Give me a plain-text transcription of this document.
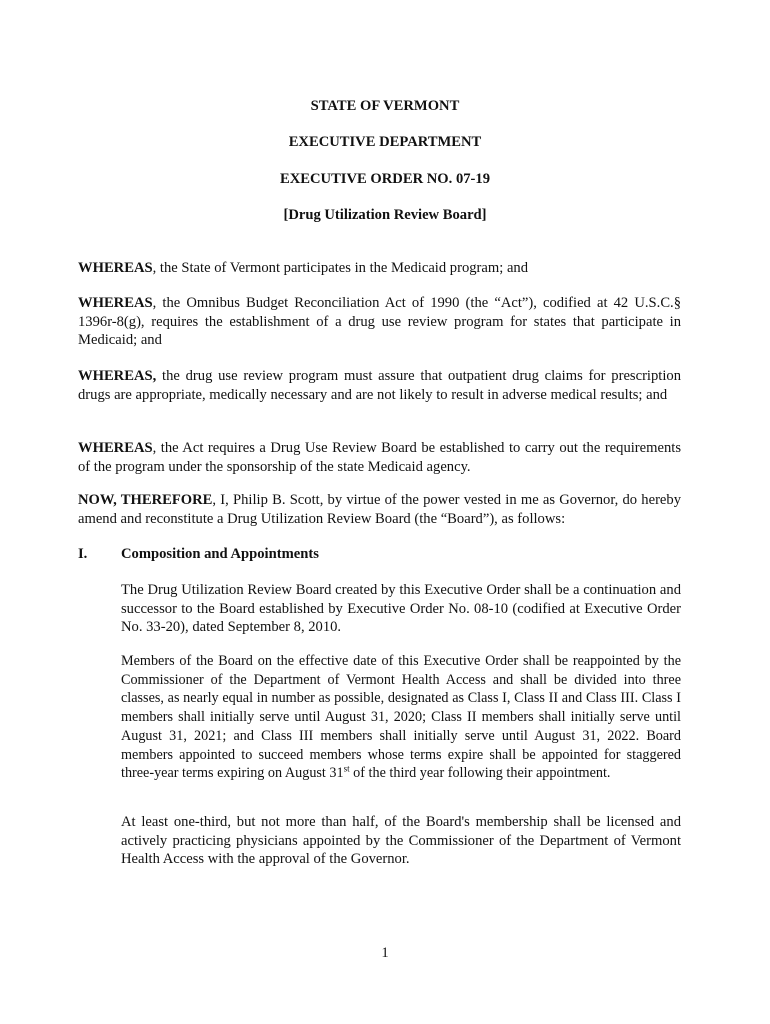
STATE OF VERMONT
EXECUTIVE DEPARTMENT
EXECUTIVE ORDER NO. 07-19
[Drug Utilization Review Board]

WHEREAS, the State of Vermont participates in the Medicaid program; and

WHEREAS, the Omnibus Budget Reconciliation Act of 1990 (the “Act”), codified at 42 U.S.C.§ 1396r-8(g), requires the establishment of a drug use review program for states that participate in Medicaid; and

WHEREAS, the drug use review program must assure that outpatient drug claims for prescription drugs are appropriate, medically necessary and are not likely to result in adverse medical results; and

WHEREAS, the Act requires a Drug Use Review Board be established to carry out the requirements of the program under the sponsorship of the state Medicaid agency.

NOW, THEREFORE, I, Philip B. Scott, by virtue of the power vested in me as Governor, do hereby amend and reconstitute a Drug Utilization Review Board (the “Board”), as follows:

I. Composition and Appointments

The Drug Utilization Review Board created by this Executive Order shall be a continuation and successor to the Board established by Executive Order No. 08-10 (codified at Executive Order No. 33-20), dated September 8, 2010.

Members of the Board on the effective date of this Executive Order shall be reappointed by the Commissioner of the Department of Vermont Health Access and shall be divided into three classes, as nearly equal in number as possible, designated as Class I, Class II and Class III. Class I members shall initially serve until August 31, 2020; Class II members shall initially serve until August 31, 2021; and Class III members shall initially serve until August 31, 2022. Board members appointed to succeed members whose terms expire shall be appointed for staggered three-year terms expiring on August 31st of the third year following their appointment.

At least one-third, but not more than half, of the Board's membership shall be licensed and actively practicing physicians appointed by the Commissioner of the Department of Vermont Health Access with the approval of the Governor.

1
